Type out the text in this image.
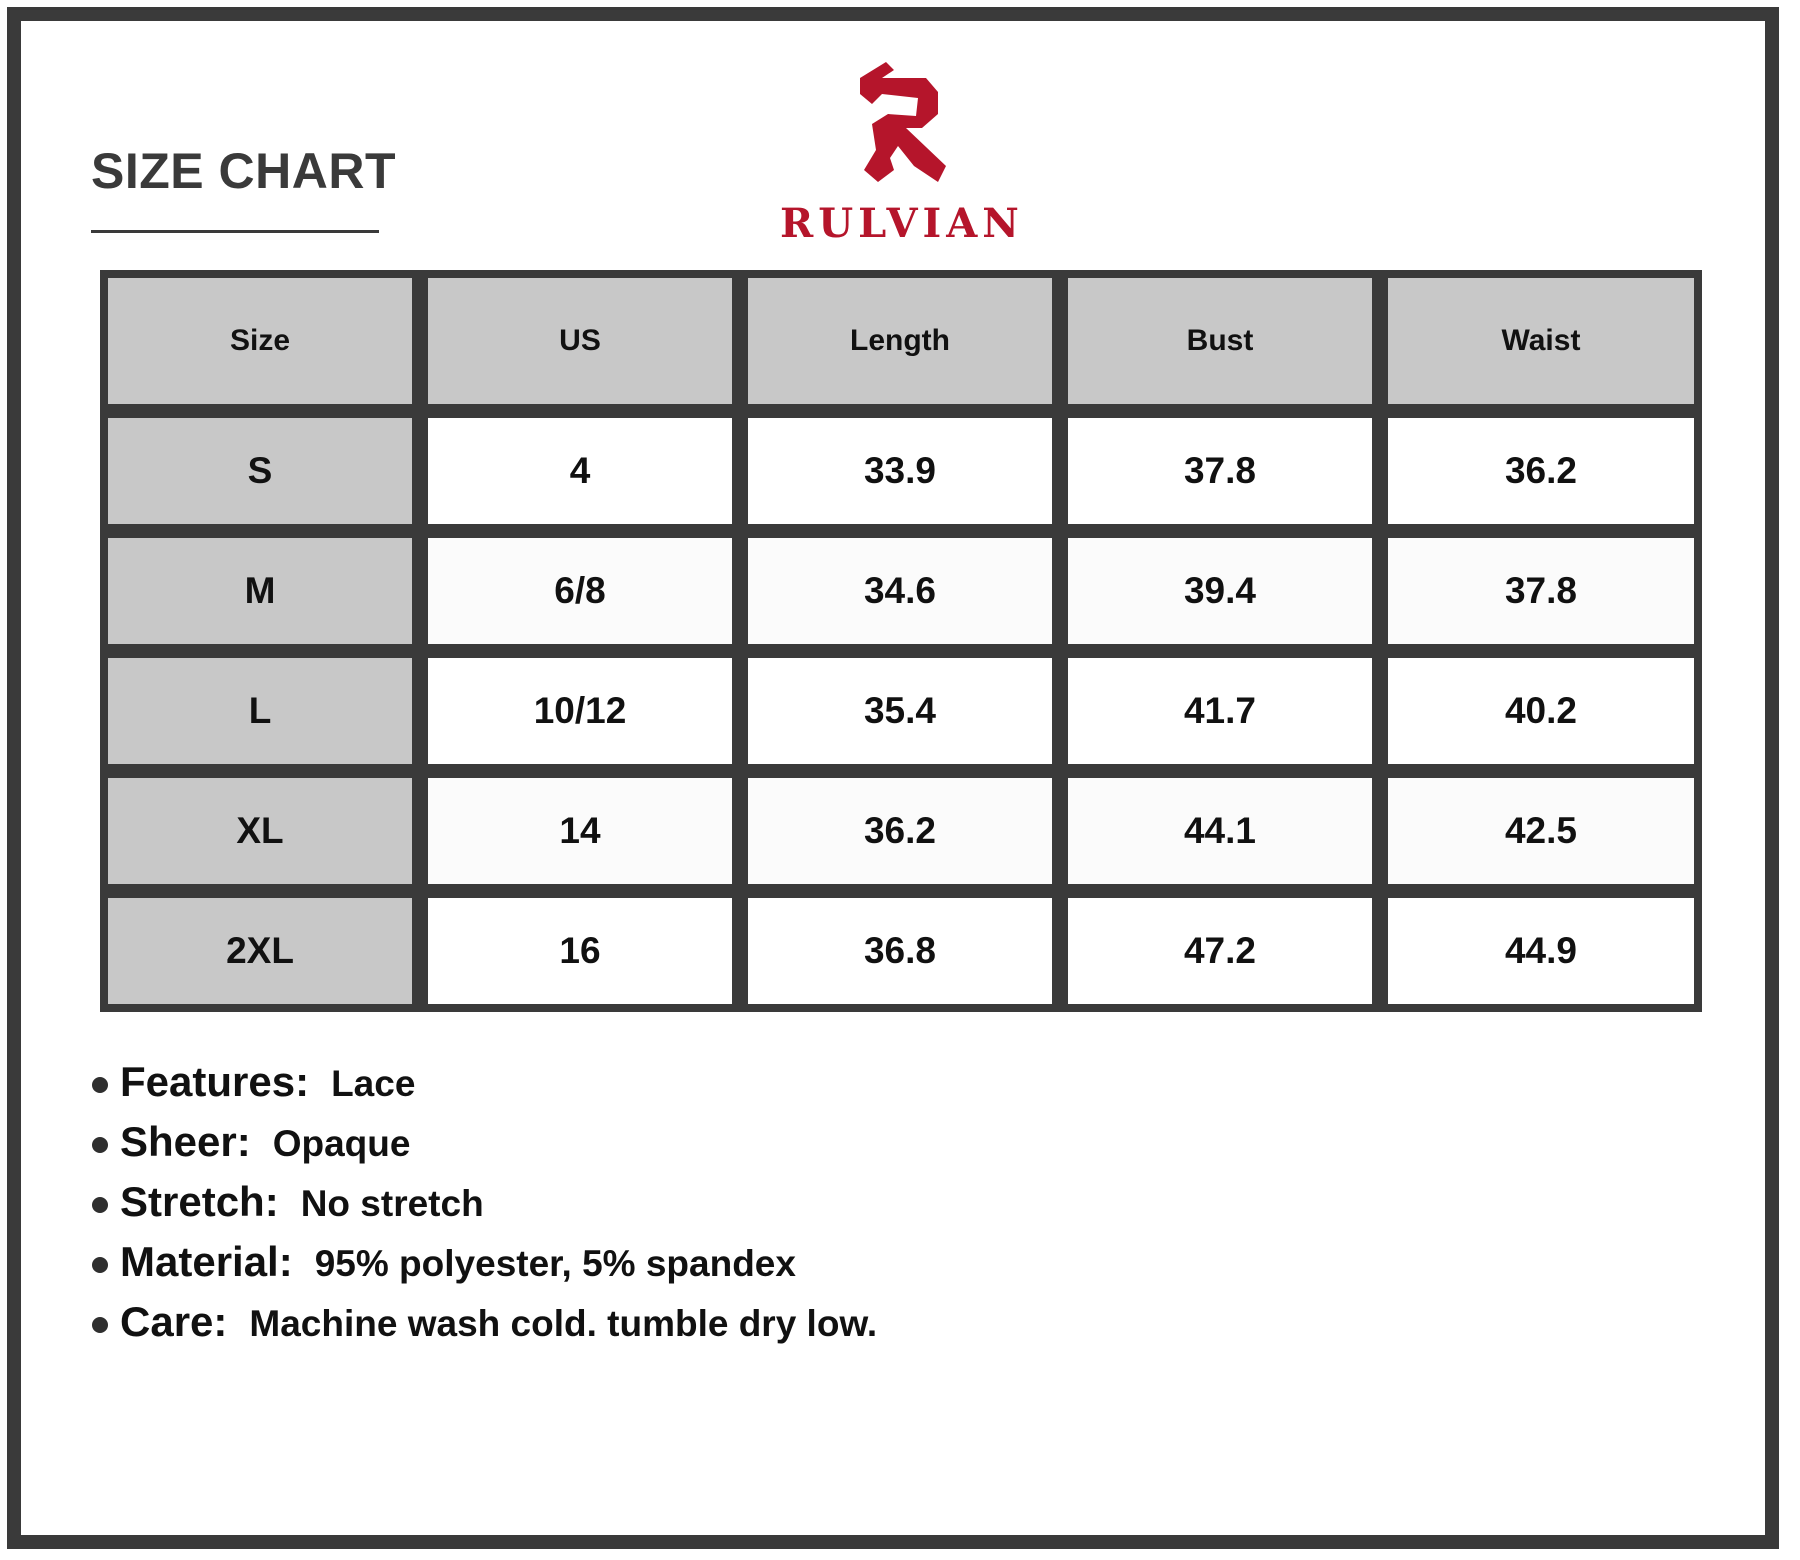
SIZE CHART
RULVIAN
Size	US	Length	Bust	Waist
S	4	33.9	37.8	36.2
M	6/8	34.6	39.4	37.8
L	10/12	35.4	41.7	40.2
XL	14	36.2	44.1	42.5
2XL	16	36.8	47.2	44.9
Features: Lace
Sheer: Opaque
Stretch: No stretch
Material: 95% polyester, 5% spandex
Care: Machine wash cold. tumble dry low.
